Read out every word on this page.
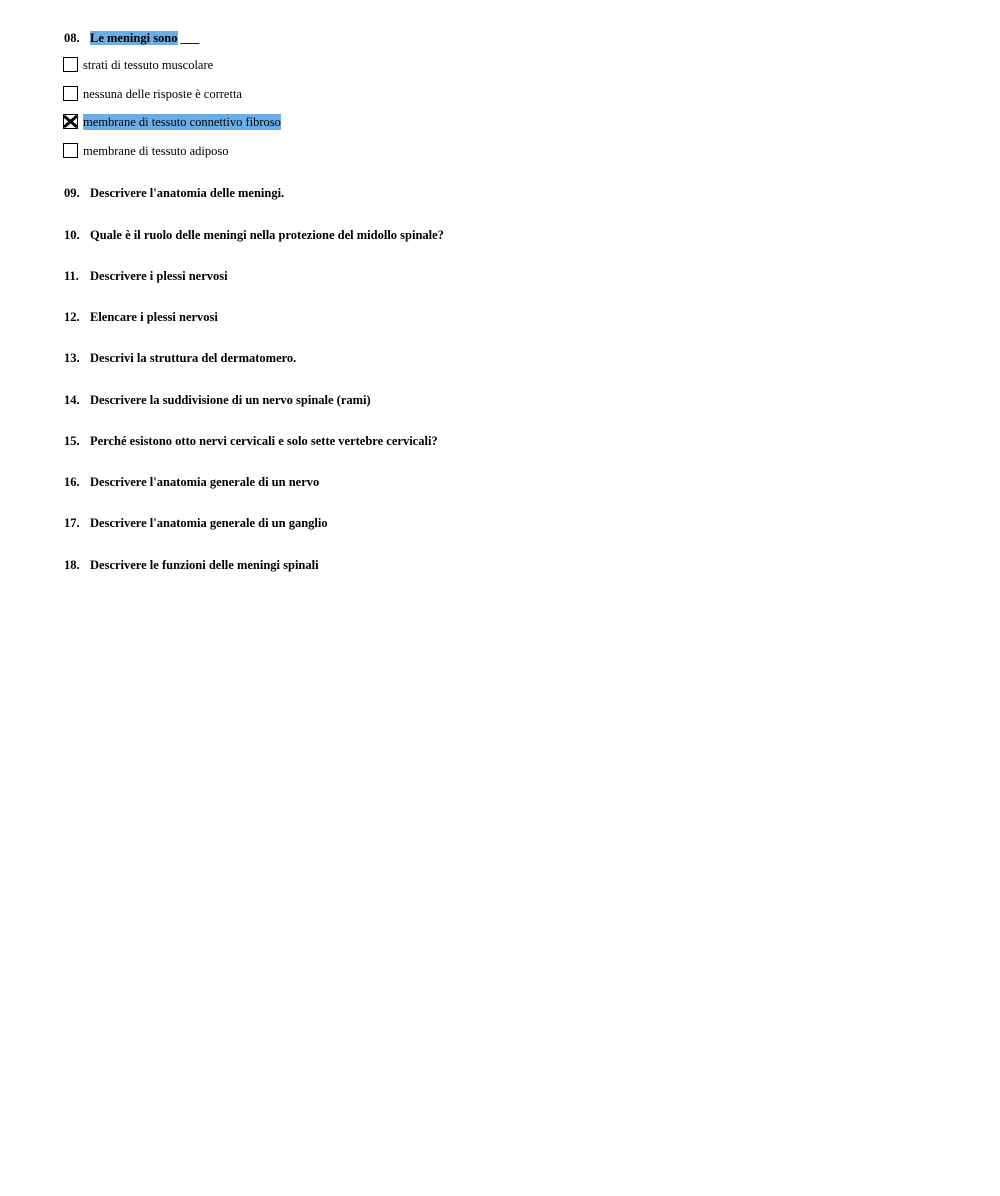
08. Le meningi sono ___
strati di tessuto muscolare
nessuna delle risposte è corretta
membrane di tessuto connettivo fibroso
membrane di tessuto adiposo
09. Descrivere l'anatomia delle meningi.
10. Quale è il ruolo delle meningi nella protezione del midollo spinale?
11. Descrivere i plessi nervosi
12. Elencare i plessi nervosi
13. Descrivi la struttura del dermatomero.
14. Descrivere la suddivisione di un nervo spinale (rami)
15. Perché esistono otto nervi cervicali e solo sette vertebre cervicali?
16. Descrivere l'anatomia generale di un nervo
17. Descrivere l'anatomia generale di un ganglio
18. Descrivere le funzioni delle meningi spinali
